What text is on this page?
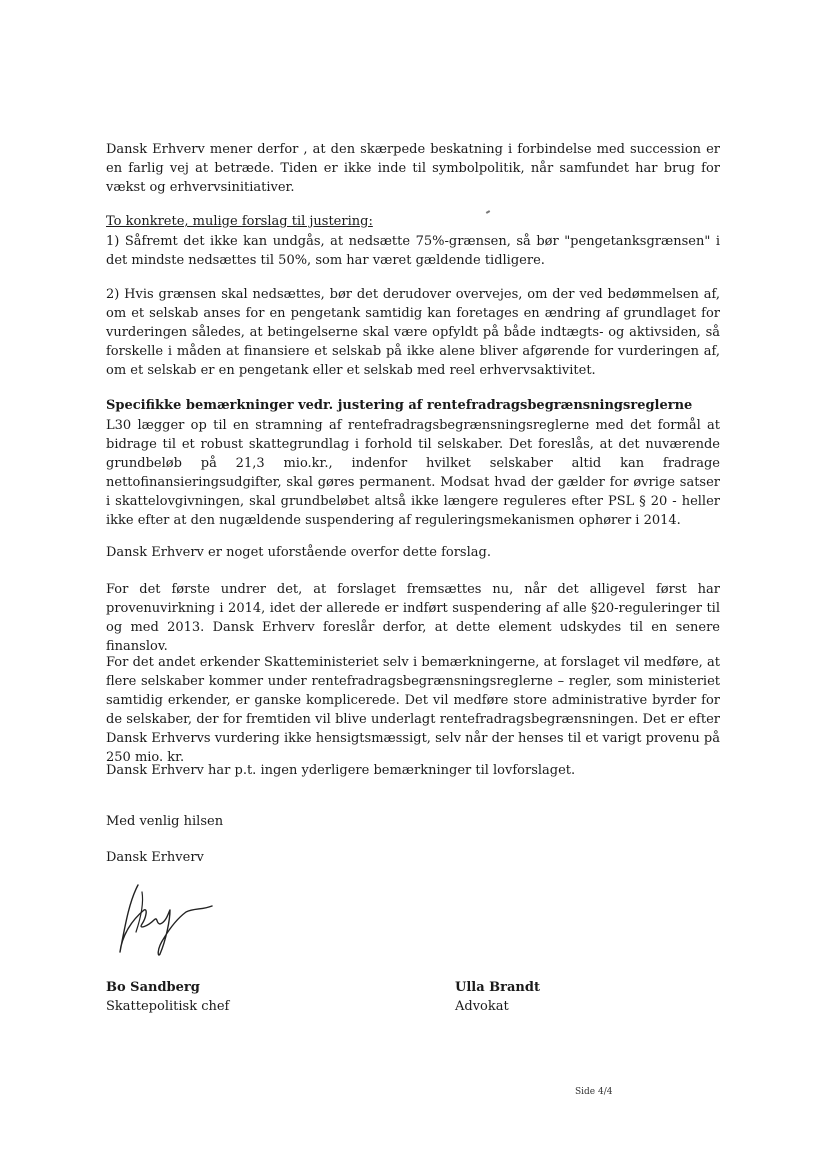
Dansk Erhverv mener derfor , at den skærpede beskatning i forbindelse med succession er en farlig vej at betræde. Tiden er ikke inde til symbolpolitik, når samfundet har brug for vækst og erhvervsinitiativer.
To konkrete, mulige forslag til justering:
1) Såfremt det ikke kan undgås, at nedsætte 75%-grænsen, så bør "pengetanksgrænsen" i det mindste nedsættes til 50%, som har været gældende tidligere.
2) Hvis grænsen skal nedsættes, bør det derudover overvejes, om der ved bedømmelsen af, om et selskab anses for en pengetank samtidig kan foretages en ændring af grundlaget for vurderingen således, at betingelserne skal være opfyldt på både indtægts- og aktivsiden, så forskelle i måden at finansiere et selskab på ikke alene bliver afgørende for vurderingen af, om et selskab er en pengetank eller et selskab med reel erhvervsaktivitet.
Specifikke bemærkninger vedr. justering af rentefradragsbegrænsningsreglerne
L30 lægger op til en stramning af rentefradragsbegrænsningsreglerne med det formål at bidrage til et robust skattegrundlag i forhold til selskaber. Det foreslås, at det nuværende grundbeløb på 21,3 mio.kr., indenfor hvilket selskaber altid kan fradrage nettofinansieringsudgifter, skal gøres permanent. Modsat hvad der gælder for øvrige satser i skattelovgivningen, skal grundbeløbet altså ikke længere reguleres efter PSL § 20 - heller ikke efter at den nugældende suspendering af reguleringsmekanismen ophører i 2014.
Dansk Erhverv er noget uforstående overfor dette forslag.
For det første undrer det, at forslaget fremsættes nu, når det alligevel først har provenuvirkning i 2014, idet der allerede er indført suspendering af alle §20-reguleringer til og med 2013. Dansk Erhverv foreslår derfor, at dette element udskydes til en senere finanslov.
For det andet erkender Skatteministeriet selv i bemærkningerne, at forslaget vil medføre, at flere selskaber kommer under rentefradragsbegrænsningsreglerne – regler, som ministeriet samtidig erkender, er ganske komplicerede. Det vil medføre store administrative byrder for de selskaber, der for fremtiden vil blive underlagt rentefradragsbegrænsningen. Det er efter Dansk Erhvervs vurdering ikke hensigtsmæssigt, selv når der henses til et varigt provenu på 250 mio. kr.
Dansk Erhverv har p.t. ingen yderligere bemærkninger til lovforslaget.
Med venlig hilsen
Dansk Erhverv
Bo Sandberg
Skattepolitisk chef
Ulla Brandt
Advokat
Side 4/4
